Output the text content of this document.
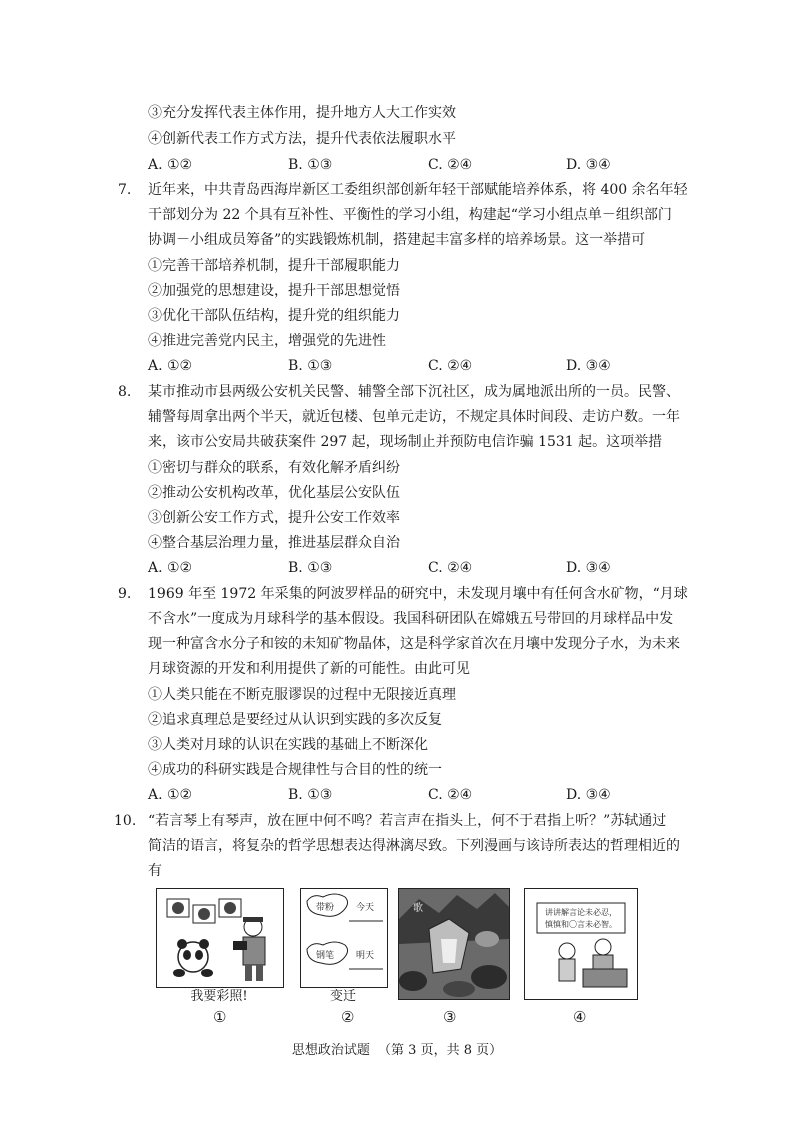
③充分发挥代表主体作用，提升地方人大工作实效
④创新代表工作方式方法，提升代表依法履职水平
A. ①②	B. ①③	C. ②④	D. ③④
7. 近年来，中共青岛西海岸新区工委组织部创新年轻干部赋能培养体系，将 400 余名年轻
干部划分为 22 个具有互补性、平衡性的学习小组，构建起“学习小组点单－组织部门
协调－小组成员筹备”的实践锻炼机制，搭建起丰富多样的培养场景。这一举措可
①完善干部培养机制，提升干部履职能力
②加强党的思想建设，提升干部思想觉悟
③优化干部队伍结构，提升党的组织能力
④推进完善党内民主，增强党的先进性
A. ①②	B. ①③	C. ②④	D. ③④
8. 某市推动市县两级公安机关民警、辅警全部下沉社区，成为属地派出所的一员。民警、
辅警每周拿出两个半天，就近包楼、包单元走访，不规定具体时间段、走访户数。一年
来，该市公安局共破获案件 297 起，现场制止并预防电信诈骗 1531 起。这项举措
①密切与群众的联系，有效化解矛盾纠纷
②推动公安机构改革，优化基层公安队伍
③创新公安工作方式，提升公安工作效率
④整合基层治理力量，推进基层群众自治
A. ①②	B. ①③	C. ②④	D. ③④
9. 1969 年至 1972 年采集的阿波罗样品的研究中，未发现月壤中有任何含水矿物，“月球
不含水”一度成为月球科学的基本假设。我国科研团队在嫦娥五号带回的月球样品中发
现一种富含水分子和铵的未知矿物晶体，这是科学家首次在月壤中发现分子水，为未来
月球资源的开发和利用提供了新的可能性。由此可见
①人类只能在不断克服谬误的过程中无限接近真理
②追求真理总是要经过从认识到实践的多次反复
③人类对月球的认识在实践的基础上不断深化
④成功的科研实践是合规律性与合目的性的统一
A. ①②	B. ①③	C. ②④	D. ③④
10. “若言琴上有琴声，放在匣中何不鸣？若言声在指头上，何不于君指上听？”苏轼通过
简洁的语言，将复杂的哲学思想表达得淋漓尽致。下列漫画与该诗所表达的哲理相近的
有
我要彩照!
①
带粉 今天
钢笔 明天
变迁
②
歌
③
讲讲解言论未必忍，
慎慎和〇言未必智。
④
思想政治试题 （第 3 页，共 8 页）
